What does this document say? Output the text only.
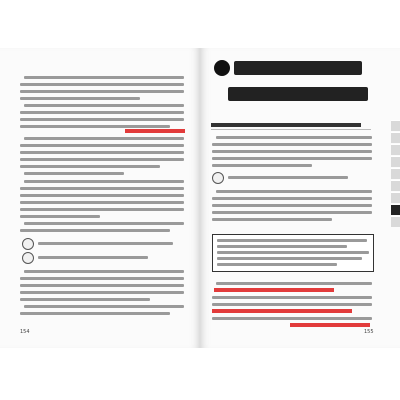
154	155
